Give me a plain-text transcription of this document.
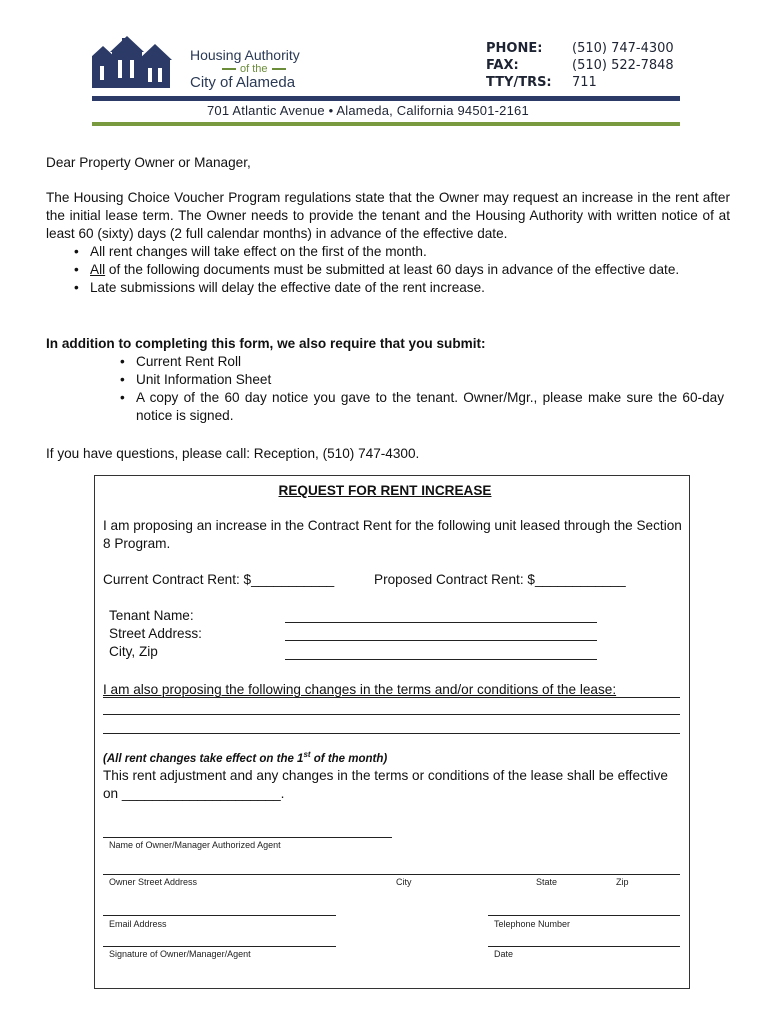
Housing Authority
of the
City of Alameda
PHONE: (510) 747-4300
FAX:	(510) 522-7848
TTY/TRS: 711
701 Atlantic Avenue • Alameda, California 94501-2161
Dear Property Owner or Manager,
The Housing Choice Voucher Program regulations state that the Owner may request an increase in the rent after the initial lease term. The Owner needs to provide the tenant and the Housing Authority with written notice of at least 60 (sixty) days (2 full calendar months) in advance of the effective date.
• All rent changes will take effect on the first of the month.
• All of the following documents must be submitted at least 60 days in advance of the effective date.
• Late submissions will delay the effective date of the rent increase.
In addition to completing this form, we also require that you submit:
• Current Rent Roll
• Unit Information Sheet
• A copy of the 60 day notice you gave to the tenant. Owner/Mgr., please make sure the 60-day notice is signed.
If you have questions, please call: Reception, (510) 747-4300.
REQUEST FOR RENT INCREASE
I am proposing an increase in the Contract Rent for the following unit leased through the Section 8 Program.
Current Contract Rent: $___________	Proposed Contract Rent: $____________
Tenant Name:
Street Address:
City, Zip
I am also proposing the following changes in the terms and/or conditions of the lease:
(All rent changes take effect on the 1st of the month)
This rent adjustment and any changes in the terms or conditions of the lease shall be effective on _____________________.
Name of Owner/Manager Authorized Agent
Owner Street Address	City	State	Zip
Email Address	Telephone Number
Signature of Owner/Manager/Agent	Date
